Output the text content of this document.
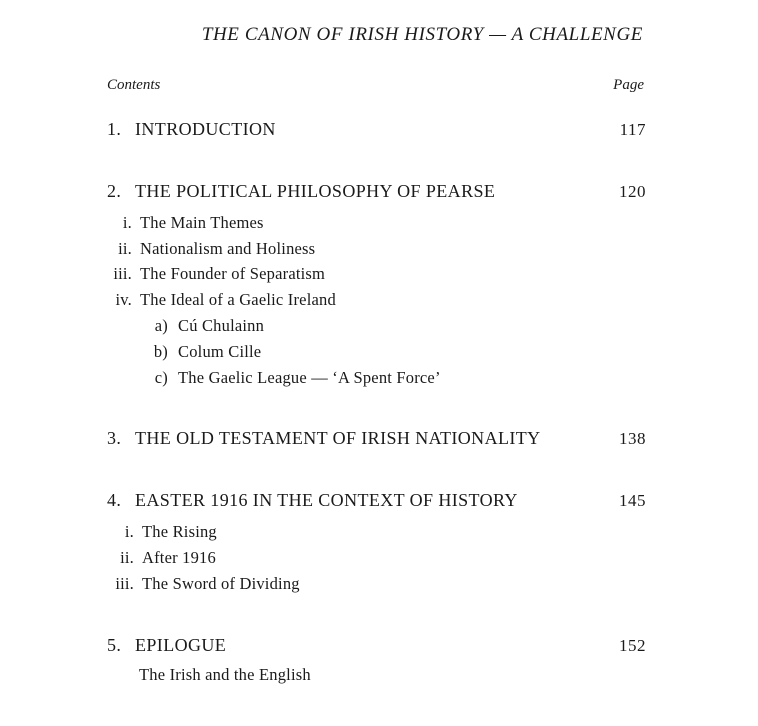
THE CANON OF IRISH HISTORY — A CHALLENGE
Contents	Page
1. INTRODUCTION	117
2. THE POLITICAL PHILOSOPHY OF PEARSE	120
i. The Main Themes
ii. Nationalism and Holiness
iii. The Founder of Separatism
iv. The Ideal of a Gaelic Ireland
a) Cú Chulainn
b) Colum Cille
c) The Gaelic League — ‘A Spent Force’
3. THE OLD TESTAMENT OF IRISH NATIONALITY	138
4. EASTER 1916 IN THE CONTEXT OF HISTORY	145
i. The Rising
ii. After 1916
iii. The Sword of Dividing
5. EPILOGUE	152
The Irish and the English
